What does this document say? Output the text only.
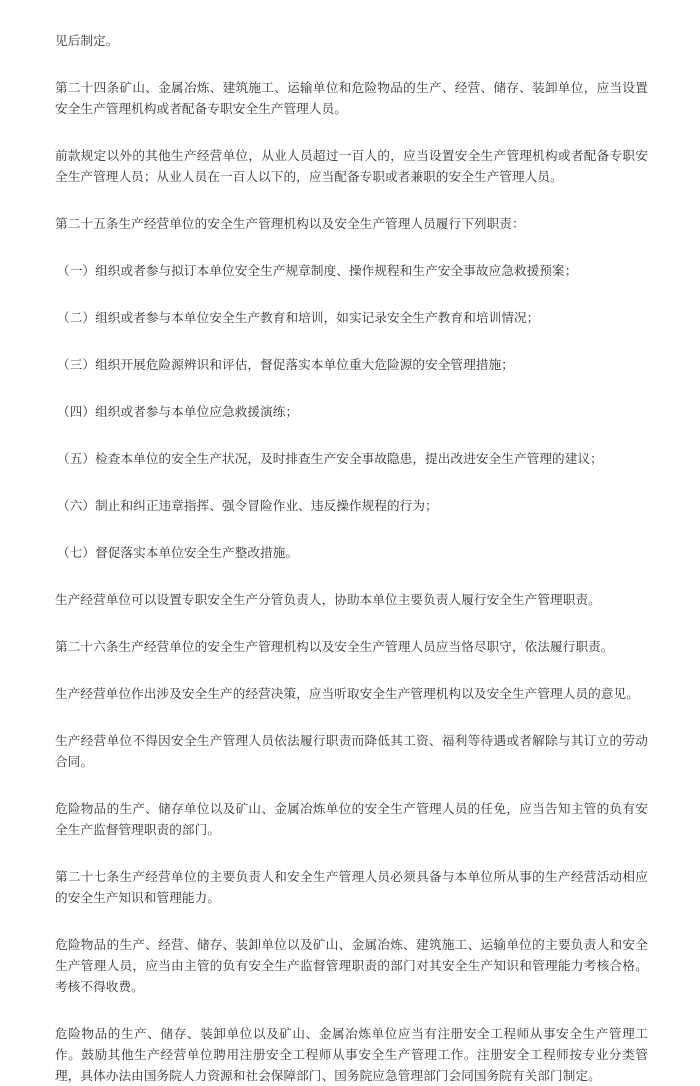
见后制定。

第二十四条矿山、金属冶炼、建筑施工、运输单位和危险物品的生产、经营、储存、装卸单位，应当设置安全生产管理机构或者配备专职安全生产管理人员。

前款规定以外的其他生产经营单位，从业人员超过一百人的，应当设置安全生产管理机构或者配备专职安全生产管理人员；从业人员在一百人以下的，应当配备专职或者兼职的安全生产管理人员。

第二十五条生产经营单位的安全生产管理机构以及安全生产管理人员履行下列职责：

（一）组织或者参与拟订本单位安全生产规章制度、操作规程和生产安全事故应急救援预案；

（二）组织或者参与本单位安全生产教育和培训，如实记录安全生产教育和培训情况；

（三）组织开展危险源辨识和评估，督促落实本单位重大危险源的安全管理措施；

（四）组织或者参与本单位应急救援演练；

（五）检查本单位的安全生产状况，及时排查生产安全事故隐患，提出改进安全生产管理的建议；

（六）制止和纠正违章指挥、强令冒险作业、违反操作规程的行为；

（七）督促落实本单位安全生产整改措施。

生产经营单位可以设置专职安全生产分管负责人，协助本单位主要负责人履行安全生产管理职责。

第二十六条生产经营单位的安全生产管理机构以及安全生产管理人员应当恪尽职守，依法履行职责。

生产经营单位作出涉及安全生产的经营决策，应当听取安全生产管理机构以及安全生产管理人员的意见。

生产经营单位不得因安全生产管理人员依法履行职责而降低其工资、福利等待遇或者解除与其订立的劳动合同。

危险物品的生产、储存单位以及矿山、金属冶炼单位的安全生产管理人员的任免，应当告知主管的负有安全生产监督管理职责的部门。

第二十七条生产经营单位的主要负责人和安全生产管理人员必须具备与本单位所从事的生产经营活动相应的安全生产知识和管理能力。

危险物品的生产、经营、储存、装卸单位以及矿山、金属冶炼、建筑施工、运输单位的主要负责人和安全生产管理人员，应当由主管的负有安全生产监督管理职责的部门对其安全生产知识和管理能力考核合格。考核不得收费。

危险物品的生产、储存、装卸单位以及矿山、金属冶炼单位应当有注册安全工程师从事安全生产管理工作。鼓励其他生产经营单位聘用注册安全工程师从事安全生产管理工作。注册安全工程师按专业分类管理，具体办法由国务院人力资源和社会保障部门、国务院应急管理部门会同国务院有关部门制定。
